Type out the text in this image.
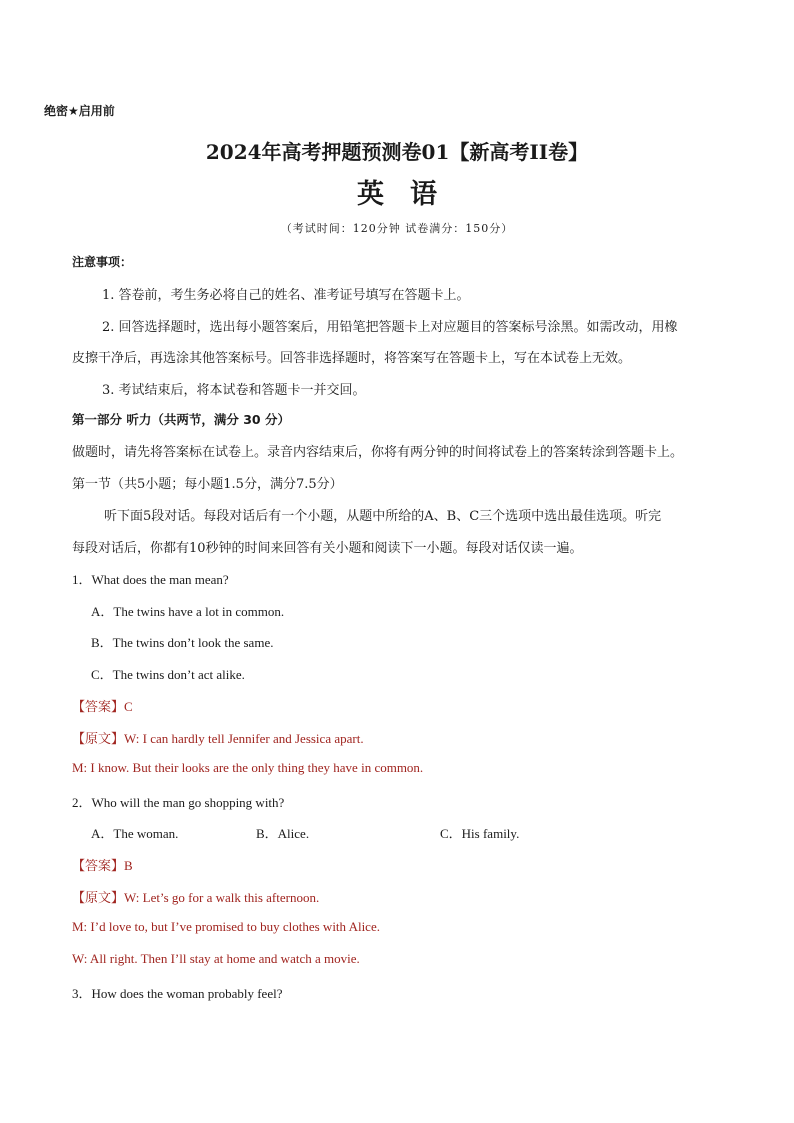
绝密★启用前
2024年高考押题预测卷01【新高考II卷】
英语
（考试时间：120分钟 试卷满分：150分）
注意事项：
1. 答卷前，考生务必将自己的姓名、准考证号填写在答题卡上。
2. 回答选择题时，选出每小题答案后，用铅笔把答题卡上对应题目的答案标号涂黑。如需改动，用橡
皮擦干净后，再选涂其他答案标号。回答非选择题时，将答案写在答题卡上，写在本试卷上无效。
3. 考试结束后，将本试卷和答题卡一并交回。
第一部分 听力（共两节，满分 30 分）
做题时，请先将答案标在试卷上。录音内容结束后，你将有两分钟的时间将试卷上的答案转涂到答题卡上。
第一节（共5小题；每小题1.5分，满分7.5分）
听下面5段对话。每段对话后有一个小题，从题中所给的A、B、C三个选项中选出最佳选项。听完
每段对话后，你都有10秒钟的时间来回答有关小题和阅读下一小题。每段对话仅读一遍。
1．What does the man mean?
A．The twins have a lot in common.
B．The twins don’t look the same.
C．The twins don’t act alike.
【答案】C
【原文】W: I can hardly tell Jennifer and Jessica apart.
M: I know. But their looks are the only thing they have in common.
2．Who will the man go shopping with?
A．The woman.	B．Alice.	C．His family.
【答案】B
【原文】W: Let’s go for a walk this afternoon.
M: I’d love to, but I’ve promised to buy clothes with Alice.
W: All right. Then I’ll stay at home and watch a movie.
3．How does the woman probably feel?
